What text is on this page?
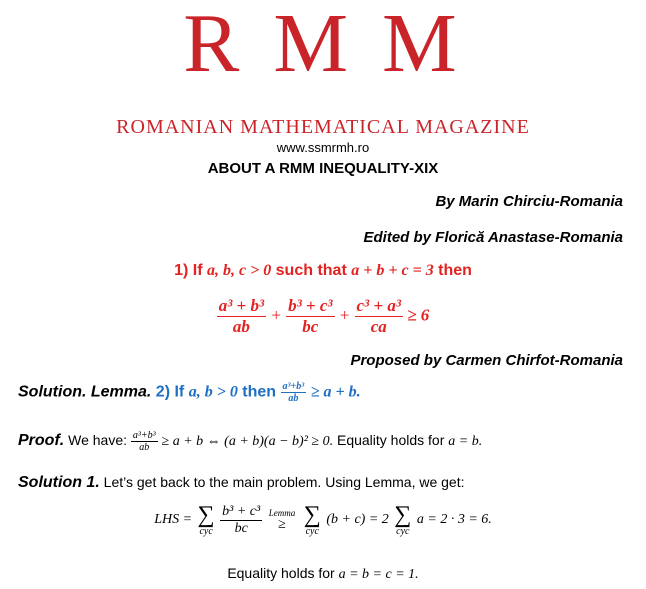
R M M
ROMANIAN MATHEMATICAL MAGAZINE
www.ssmrmh.ro
ABOUT A RMM INEQUALITY-XIX
By Marin Chirciu-Romania
Edited by Florică Anastase-Romania
1) If a, b, c > 0 such that a + b + c = 3 then
$\frac{\text{a³ + b³}}{ab} + \frac{\text{b³ + c³}}{bc} + \frac{\text{c³ + a³}}{ca} \ge 6$
Proposed by Carmen Chirfot-Romania
Solution. Lemma. 2) If a, b > 0 then $\frac{\text{a³+b³}}{ab} \ge a + b$.
Proof. We have: $\frac{\text{a³+b³}}{ab} \ge a + b$ ⇔ (a + b)(a − b)² ≥ 0. Equality holds for a = b.
Solution 1. Let’s get back to the main problem. Using Lemma, we get:
LHS = ∑
cyc
$\frac{\text{b³ + c³}}{bc}$
Lemma
≥ ∑
cyc
(b + c) = 2 ∑
cyc
a = 2 · 3 = 6.
Equality holds for a = b = c = 1.
